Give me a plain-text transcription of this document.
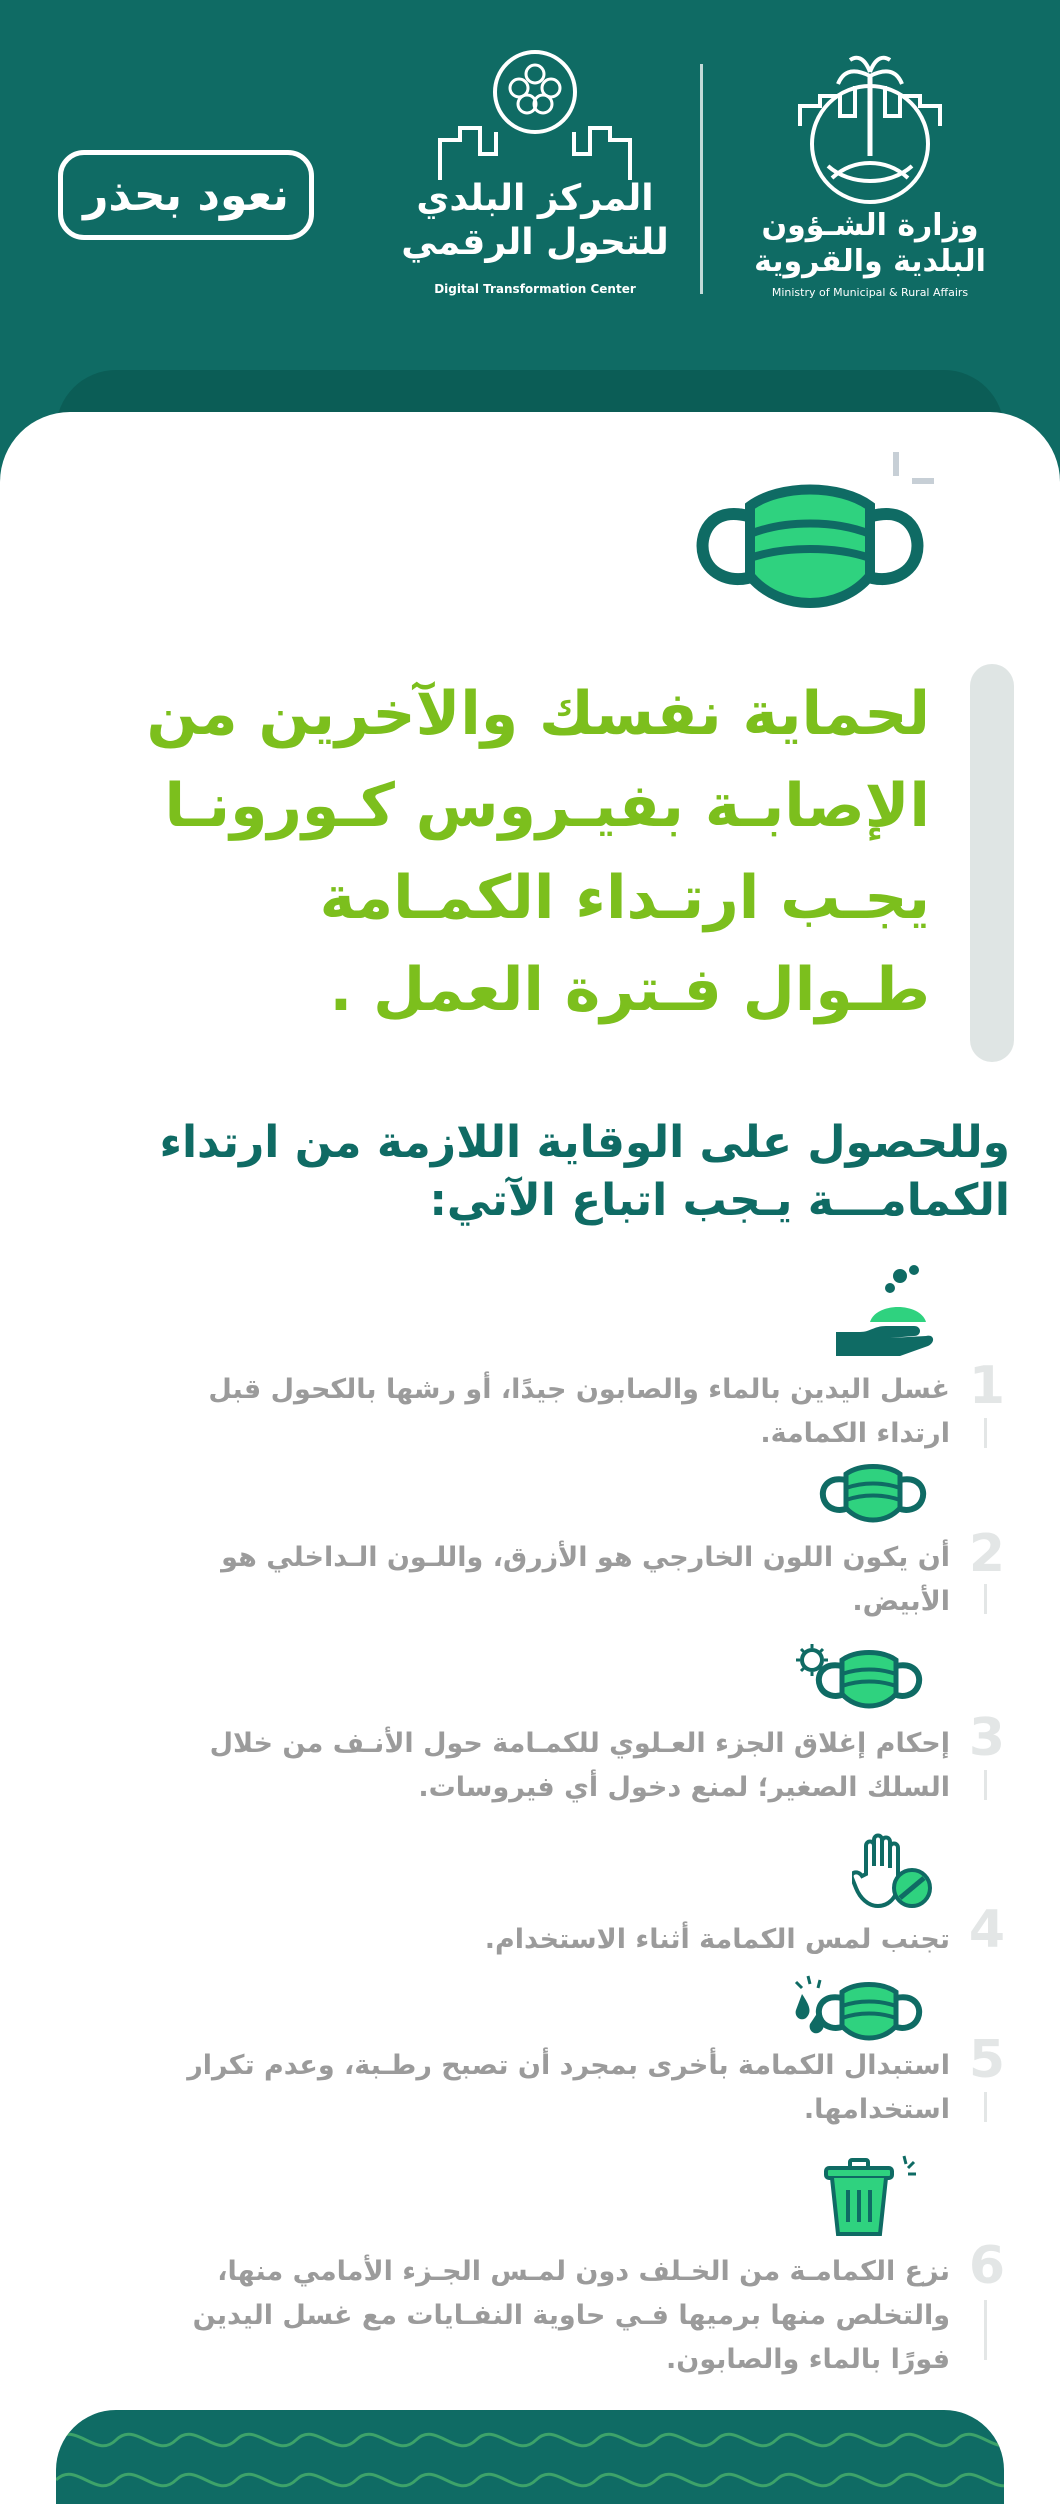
وزارة الشـؤون
البلدية والقروية
Ministry of Municipal & Rural Affairs
المركز البلدي
للتحول الرقمي
Digital Transformation Center
نعود بحذر
لحماية نفسك والآخرين من الإصابـة بفيـروس كـورونـا يجـب ارتـداء الكمـامة طـوال فـترة العمل .
وللحصول على الوقاية اللازمة من ارتداء الكمامـــة يـجب اتباع الآتي:
1
غسل اليدين بالماء والصابون جيدًا، أو رشها بالكحول قبل ارتداء الكمامة.
2
أن يكون اللون الخارجي هو الأزرق، واللـون الـداخلي هو الأبيض.
3
إحكام إغلاق الجزء العـلوي للكمـامة حول الأنـف من خلال السلك الصغير؛ لمنع دخول أي فيروسات.
4
تجنب لمس الكمامة أثناء الاستخدام.
5
استبدال الكمامة بأخرى بمجرد أن تصبح رطـبة، وعدم تكرار استخدامها.
6
نزع الكمامـة من الخـلف دون لمـس الجـزء الأمامي منها، والتخلص منها برميها فـي حاوية النفـايات مع غسل اليدين فورًا بالماء والصابون.
